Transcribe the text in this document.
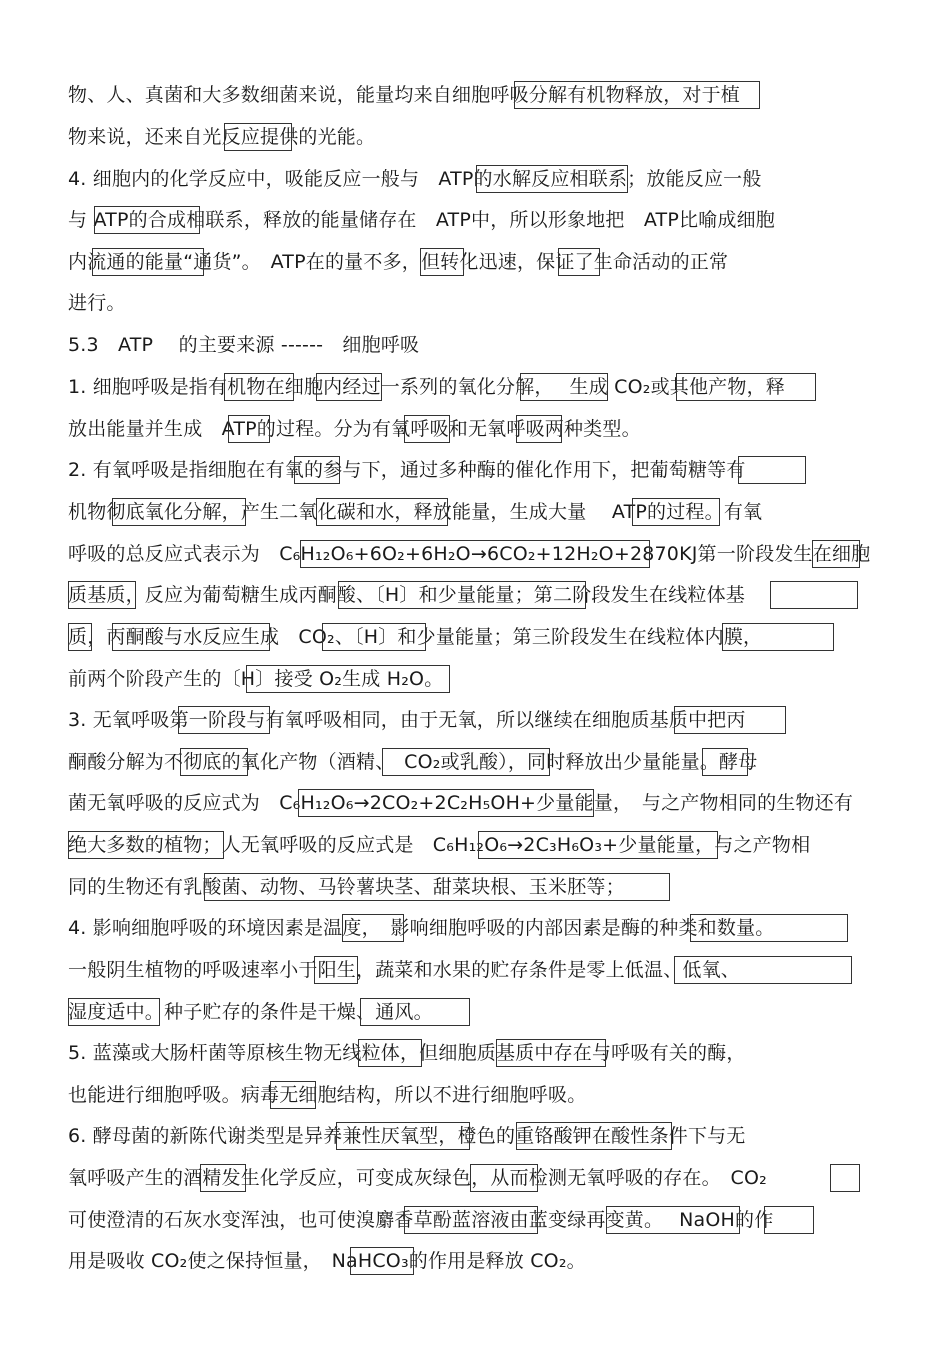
物、人、真菌和大多数细菌来说，能量均来自细胞呼吸分解有机物释放，对于植
物来说，还来自光反应提供的光能。
4. 细胞内的化学反应中，吸能反应一般与　ATP的水解反应相联系；放能反应一般
与 ATP的合成相联系，释放的能量储存在　ATP中，所以形象地把　ATP比喻成细胞
内流通的能量“通货”。　ATP在的量不多，但转化迅速，保证了生命活动的正常
进行。
5.3　ATP　 的主要来源 ------　细胞呼吸
1. 细胞呼吸是指有机物在细胞内经过一系列的氧化分解，　 生成 CO₂或其他产物，释
放出能量并生成　ATP的过程。分为有氧呼吸和无氧呼吸两种类型。
2. 有氧呼吸是指细胞在有氧的参与下，通过多种酶的催化作用下，把葡萄糖等有
机物彻底氧化分解，产生二氧化碳和水，释放能量，生成大量　 ATP的过程。有氧
呼吸的总反应式表示为　C₆H₁₂O₆+6O₂+6H₂O→6CO₂+12H₂O+2870KJ第一阶段发生在细胞
质基质，反应为葡萄糖生成丙酮酸、〔H〕和少量能量；第二阶段发生在线粒体基
质，丙酮酸与水反应生成　CO₂、〔H〕和少量能量；第三阶段发生在线粒体内膜，
前两个阶段产生的〔H〕接受 O₂生成 H₂O。
3. 无氧呼吸第一阶段与有氧呼吸相同，由于无氧，所以继续在细胞质基质中把丙
酮酸分解为不彻底的氧化产物（酒精、　CO₂或乳酸），同时释放出少量能量。酵母
菌无氧呼吸的反应式为　C₆H₁₂O₆→2CO₂+2C₂H₅OH+少量能量，　与之产物相同的生物还有
绝大多数的植物；人无氧呼吸的反应式是　C₆H₁₂O₆→2C₃H₆O₃+少量能量，与之产物相
同的生物还有乳酸菌、动物、马铃薯块茎、甜菜块根、玉米胚等；
4. 影响细胞呼吸的环境因素是温度，　影响细胞呼吸的内部因素是酶的种类和数量。
一般阴生植物的呼吸速率小于阳生，蔬菜和水果的贮存条件是零上低温、低氧、
湿度适中。种子贮存的条件是干燥、通风。
5. 蓝藻或大肠杆菌等原核生物无线粒体，但细胞质基质中存在与呼吸有关的酶，
也能进行细胞呼吸。病毒无细胞结构，所以不进行细胞呼吸。
6. 酵母菌的新陈代谢类型是异养兼性厌氧型，橙色的重铬酸钾在酸性条件下与无
氧呼吸产生的酒精发生化学反应，可变成灰绿色，从而检测无氧呼吸的存在。　CO₂
可使澄清的石灰水变浑浊，也可使溴麝香草酚蓝溶液由蓝变绿再变黄。　 NaOH的作
用是吸收 CO₂使之保持恒量，　NaHCO₃的作用是释放 CO₂。
